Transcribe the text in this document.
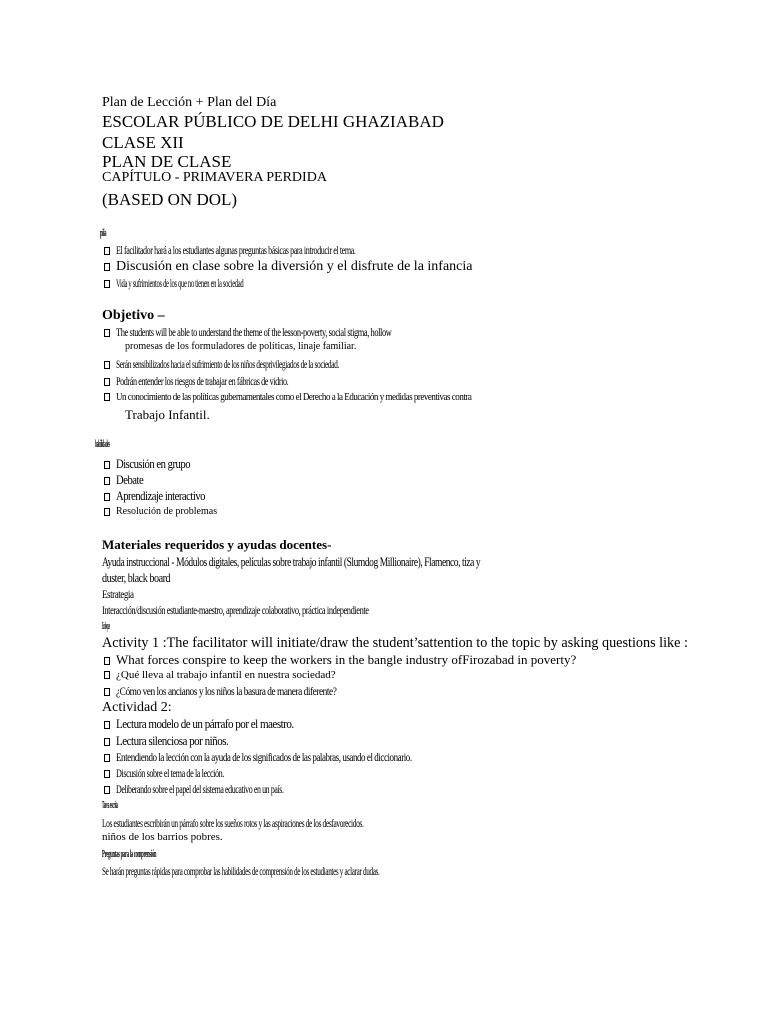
Plan de Lección + Plan del Día
ESCOLAR PÚBLICO DE DELHI GHAZIABAD
CLASE XII
PLAN DE CLASE
CAPÍTULO - PRIMAVERA PERDIDA
(BASED ON DOL)
pila
El facilitador hará a los estudiantes algunas preguntas básicas para introducir el tema.
Discusión en clase sobre la diversión y el disfrute de la infancia
Vida y sufrimientos de los que no tienen en la sociedad
Objetivo –
The students will be able to understand the theme of the lesson-poverty, social stigma, hollow
promesas de los formuladores de políticas, linaje familiar.
Serán sensibilizados hacia el sufrimiento de los niños desprivilegiados de la sociedad.
Podrán entender los riesgos de trabajar en fábricas de vidrio.
Un conocimiento de las políticas gubernamentales como el Derecho a la Educación y medidas preventivas contra
Trabajo Infantil.
habilidades
Discusión en grupo
Debate
Aprendizaje interactivo
Resolución de problemas
Materiales requeridos y ayudas docentes-
Ayuda instruccional - Módulos digitales, películas sobre trabajo infantil (Slumdog Millionaire), Flamenco, tiza y
duster, black board
Estrategia
Interacción/discusión estudiante-maestro, aprendizaje colaborativo, práctica independiente
Enfoque
Activity 1 :The facilitator will initiate/draw the student’sattention to the topic by asking questions like :
What forces conspire to keep the workers in the bangle industry ofFirozabad in poverty?
¿Qué lleva al trabajo infantil en nuestra sociedad?
¿Cómo ven los ancianos y los niños la basura de manera diferente?
Actividad 2:
Lectura modelo de un párrafo por el maestro.
Lectura silenciosa por niños.
Entendiendo la lección con la ayuda de los significados de las palabras, usando el diccionario.
Discusión sobre el tema de la lección.
Deliberando sobre el papel del sistema educativo en un país.
Tarea escrita
Los estudiantes escribirán un párrafo sobre los sueños rotos y las aspiraciones de los desfavorecidos.
niños de los barrios pobres.
Preguntas para la comprensión
Se harán preguntas rápidas para comprobar las habilidades de comprensión de los estudiantes y aclarar dudas.
